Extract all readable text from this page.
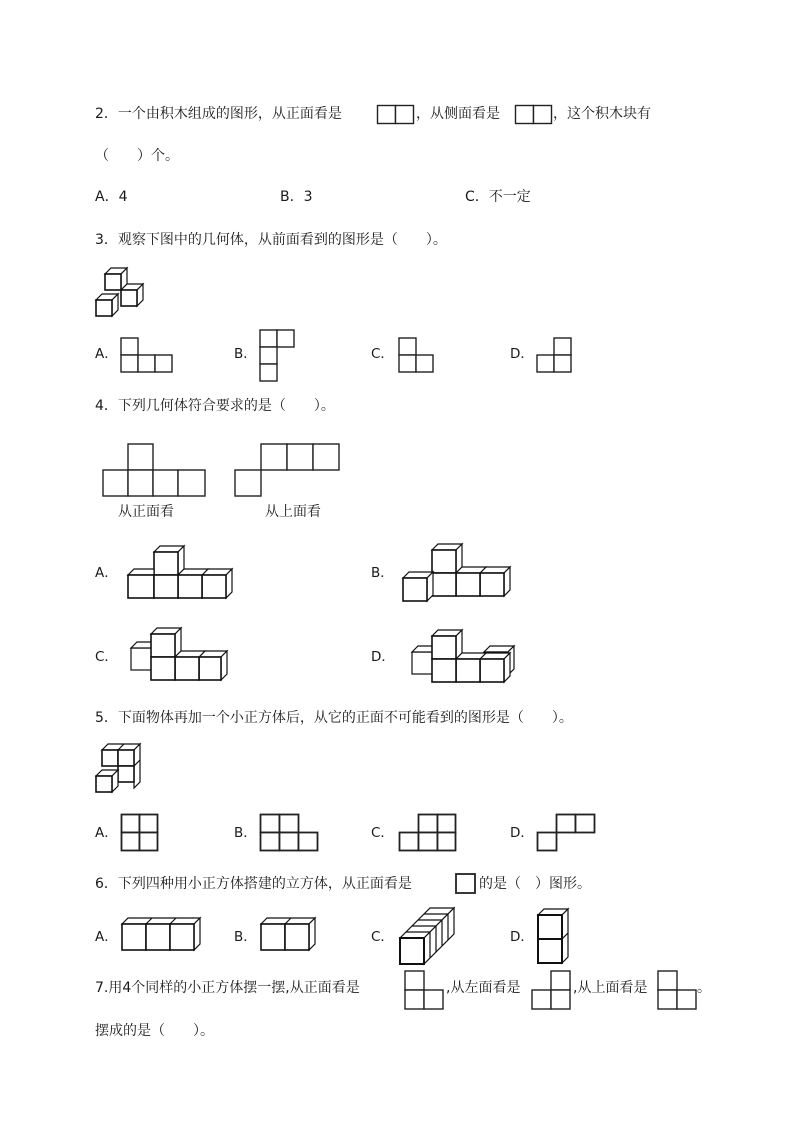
2．一个由积木组成的图形，从正面看是	，从侧面看是	，这个积木块有
（　　）个。
A．4	B．3	C．不一定
3．观察下图中的几何体，从前面看到的图形是（　　）。
A．	B．	C．	D．
4．下列几何体符合要求的是（　　）。
从正面看	从上面看
A．	B．
C．	D．
5．下面物体再加一个小正方体后，从它的正面不可能看到的图形是（　　）。
A．	B．	C．	D．
6．下列四种用小正方体搭建的立方体，从正面看是	的是（　）图形。
A．	B．	C．	D．
7.用4个同样的小正方体摆一摆,从正面看是	,从左面看是	,从上面看是	。
摆成的是（　　）。
